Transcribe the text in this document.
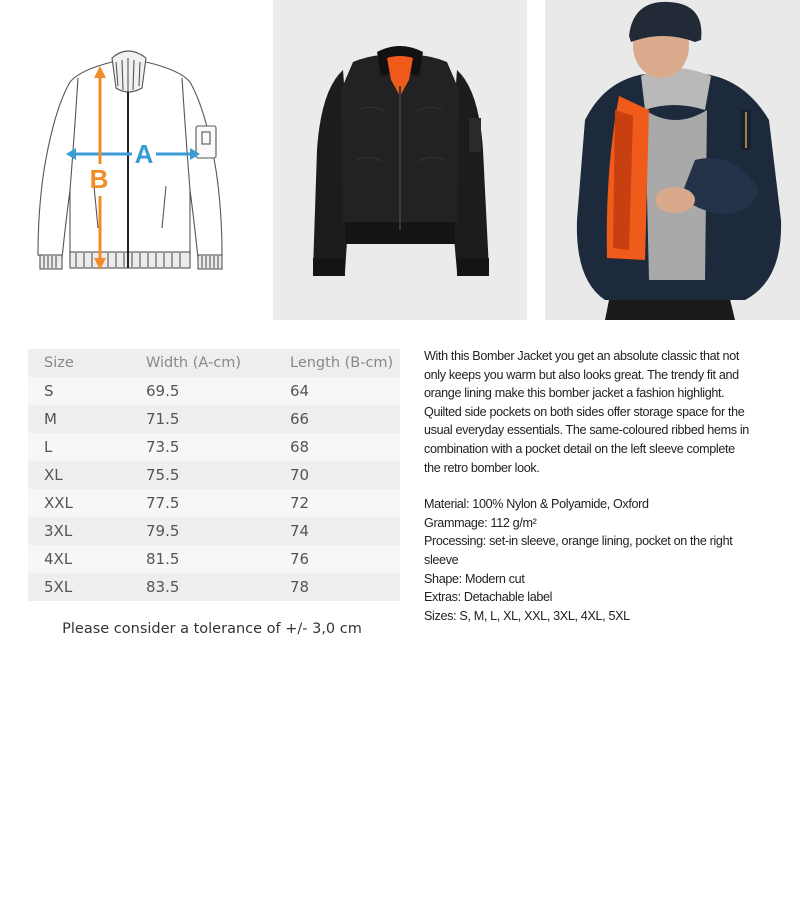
A
B
Size	Width (A-cm)	Length (B-cm)
S	69.5	64
M	71.5	66
L	73.5	68
XL	75.5	70
XXL	77.5	72
3XL	79.5	74
4XL	81.5	76
5XL	83.5	78
Please consider a tolerance of +/- 3,0 cm

With this Bomber Jacket you get an absolute classic that not only keeps you warm but also looks great. The trendy fit and orange lining make this bomber jacket a fashion highlight. Quilted side pockets on both sides offer storage space for the usual everyday essentials. The same-coloured ribbed hems in combination with a pocket detail on the left sleeve complete the retro bomber look.

Material: 100% Nylon & Polyamide, Oxford
Grammage: 112 g/m²
Processing: set-in sleeve, orange lining, pocket on the right sleeve
Shape: Modern cut
Extras: Detachable label
Sizes: S, M, L, XL, XXL, 3XL, 4XL, 5XL
